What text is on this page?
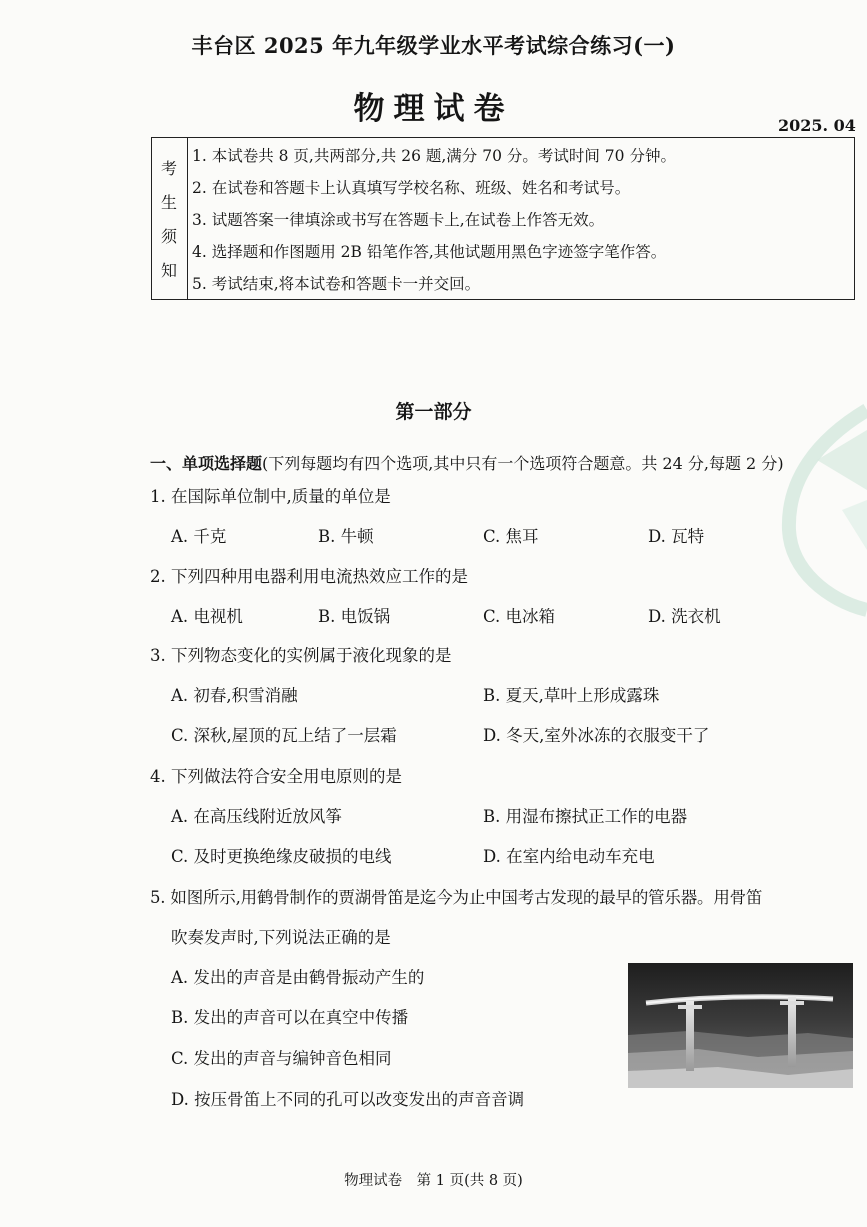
丰台区 2025 年九年级学业水平考试综合练习(一)
物理试卷	2025. 04
考
生
须
知
1. 本试卷共 8 页,共两部分,共 26 题,满分 70 分。考试时间 70 分钟。
2. 在试卷和答题卡上认真填写学校名称、班级、姓名和考试号。
3. 试题答案一律填涂或书写在答题卡上,在试卷上作答无效。
4. 选择题和作图题用 2B 铅笔作答,其他试题用黑色字迹签字笔作答。
5. 考试结束,将本试卷和答题卡一并交回。
第一部分
一、单项选择题(下列每题均有四个选项,其中只有一个选项符合题意。共 24 分,每题 2 分)
1. 在国际单位制中,质量的单位是
A. 千克	B. 牛顿	C. 焦耳	D. 瓦特
2. 下列四种用电器利用电流热效应工作的是
A. 电视机	B. 电饭锅	C. 电冰箱	D. 洗衣机
3. 下列物态变化的实例属于液化现象的是
A. 初春,积雪消融	B. 夏天,草叶上形成露珠
C. 深秋,屋顶的瓦上结了一层霜	D. 冬天,室外冰冻的衣服变干了
4. 下列做法符合安全用电原则的是
A. 在高压线附近放风筝	B. 用湿布擦拭正工作的电器
C. 及时更换绝缘皮破损的电线	D. 在室内给电动车充电
5. 如图所示,用鹤骨制作的贾湖骨笛是迄今为止中国考古发现的最早的管乐器。用骨笛
吹奏发声时,下列说法正确的是
A. 发出的声音是由鹤骨振动产生的
B. 发出的声音可以在真空中传播
C. 发出的声音与编钟音色相同
D. 按压骨笛上不同的孔可以改变发出的声音音调
物理试卷　第 1 页(共 8 页)
